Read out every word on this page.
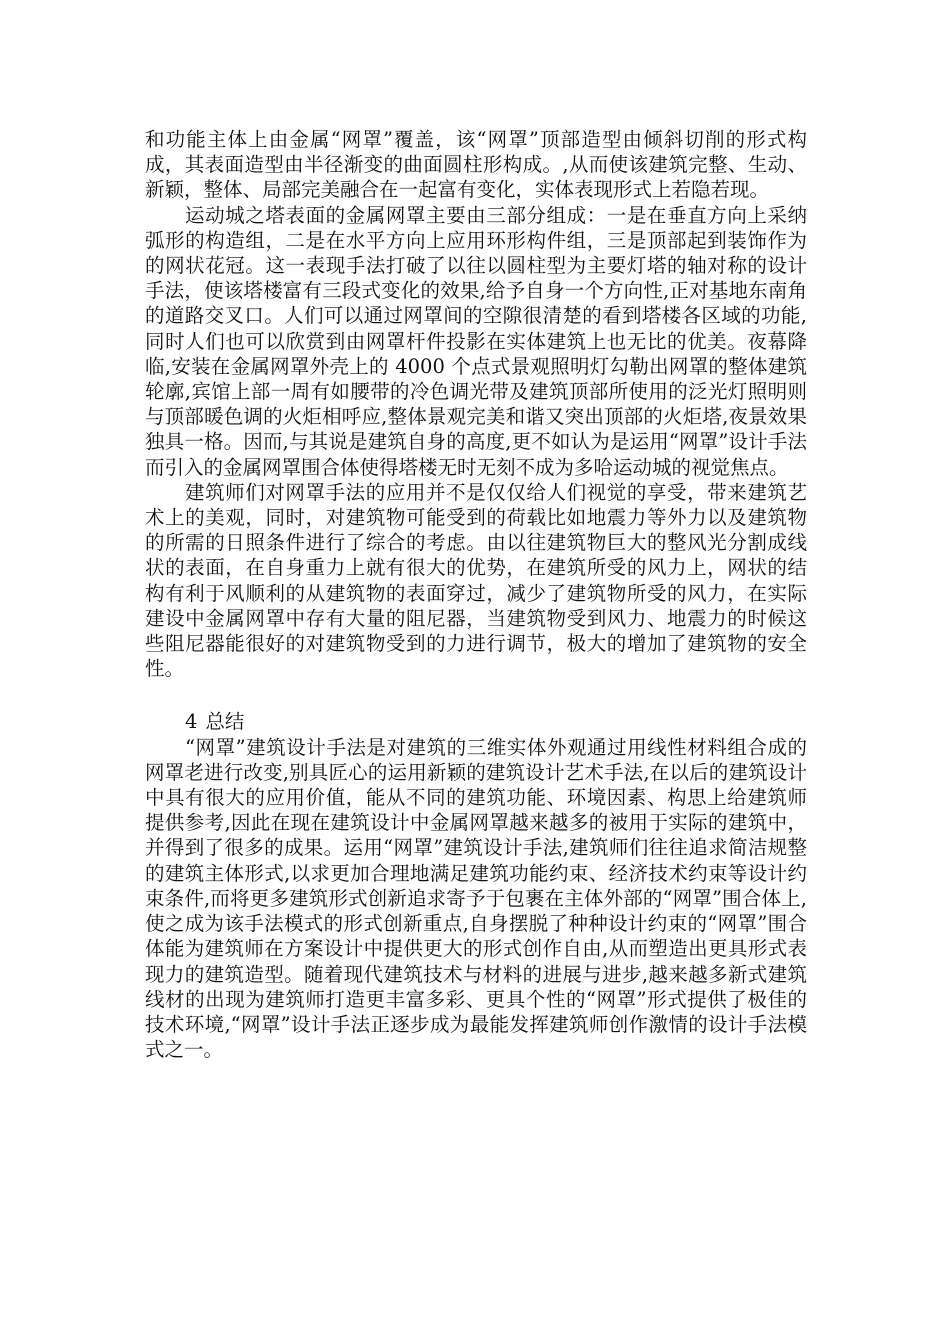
和功能主体上由金属“网罩”覆盖，该“网罩”顶部造型由倾斜切削的形式构成，其表面造型由半径渐变的曲面圆柱形构成。,从而使该建筑完整、生动、新颖，整体、局部完美融合在一起富有变化，实体表现形式上若隐若现。

运动城之塔表面的金属网罩主要由三部分组成：一是在垂直方向上采纳弧形的构造组，二是在水平方向上应用环形构件组，三是顶部起到装饰作为的网状花冠。这一表现手法打破了以往以圆柱型为主要灯塔的轴对称的设计手法，使该塔楼富有三段式变化的效果,给予自身一个方向性,正对基地东南角的道路交叉口。人们可以通过网罩间的空隙很清楚的看到塔楼各区域的功能,同时人们也可以欣赏到由网罩杆件投影在实体建筑上也无比的优美。夜幕降临,安装在金属网罩外壳上的 4000 个点式景观照明灯勾勒出网罩的整体建筑轮廓,宾馆上部一周有如腰带的冷色调光带及建筑顶部所使用的泛光灯照明则与顶部暖色调的火炬相呼应,整体景观完美和谐又突出顶部的火炬塔,夜景效果独具一格。因而,与其说是建筑自身的高度,更不如认为是运用“网罩”设计手法而引入的金属网罩围合体使得塔楼无时无刻不成为多哈运动城的视觉焦点。

建筑师们对网罩手法的应用并不是仅仅给人们视觉的享受，带来建筑艺术上的美观，同时，对建筑物可能受到的荷载比如地震力等外力以及建筑物的所需的日照条件进行了综合的考虑。由以往建筑物巨大的整风光分割成线状的表面，在自身重力上就有很大的优势，在建筑所受的风力上，网状的结构有利于风顺利的从建筑物的表面穿过，减少了建筑物所受的风力，在实际建设中金属网罩中存有大量的阻尼器，当建筑物受到风力、地震力的时候这些阻尼器能很好的对建筑物受到的力进行调节，极大的增加了建筑物的安全性。

4 总结

“网罩”建筑设计手法是对建筑的三维实体外观通过用线性材料组合成的网罩老进行改变,别具匠心的运用新颖的建筑设计艺术手法,在以后的建筑设计中具有很大的应用价值，能从不同的建筑功能、环境因素、构思上给建筑师提供参考,因此在现在建筑设计中金属网罩越来越多的被用于实际的建筑中，并得到了很多的成果。运用“网罩”建筑设计手法,建筑师们往往追求简洁规整的建筑主体形式,以求更加合理地满足建筑功能约束、经济技术约束等设计约束条件,而将更多建筑形式创新追求寄予于包裹在主体外部的“网罩”围合体上,使之成为该手法模式的形式创新重点,自身摆脱了种种设计约束的“网罩”围合体能为建筑师在方案设计中提供更大的形式创作自由,从而塑造出更具形式表现力的建筑造型。随着现代建筑技术与材料的进展与进步,越来越多新式建筑线材的出现为建筑师打造更丰富多彩、更具个性的“网罩”形式提供了极佳的技术环境,“网罩”设计手法正逐步成为最能发挥建筑师创作激情的设计手法模式之一。
